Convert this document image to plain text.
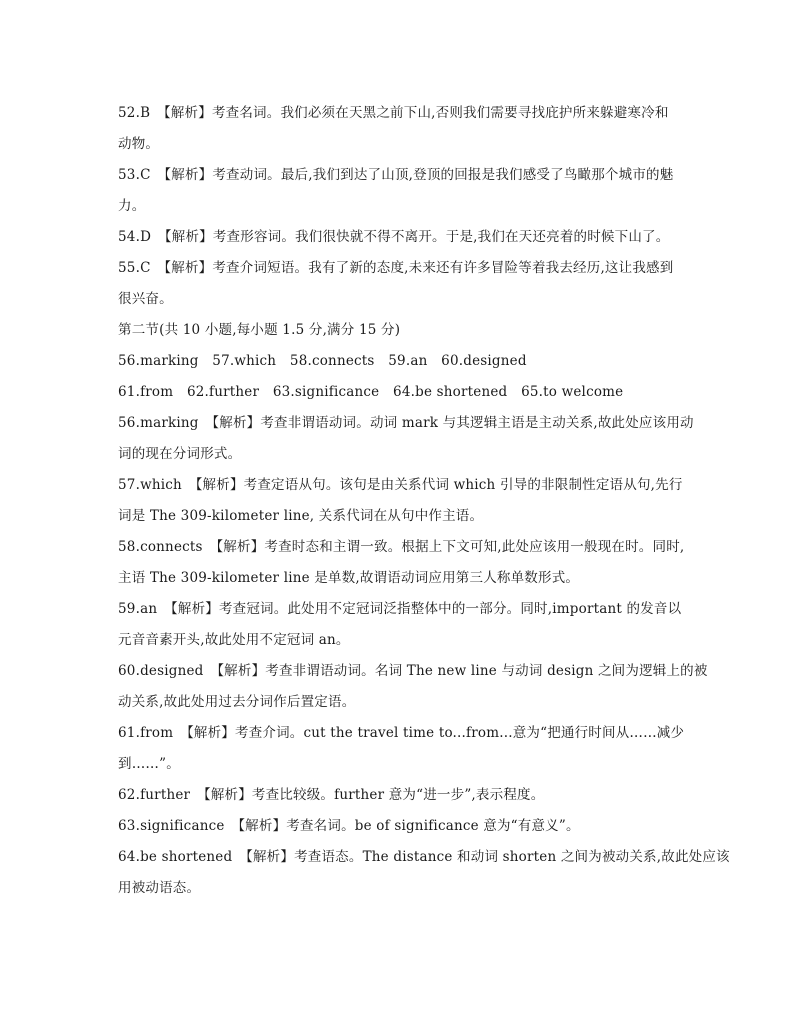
52.B　【解析】考查名词。我们必须在天黑之前下山,否则我们需要寻找庇护所来躲避寒冷和
动物。
53.C　【解析】考查动词。最后,我们到达了山顶,登顶的回报是我们感受了鸟瞰那个城市的魅
力。
54.D　【解析】考查形容词。我们很快就不得不离开。于是,我们在天还亮着的时候下山了。
55.C　【解析】考查介词短语。我有了新的态度,未来还有许多冒险等着我去经历,这让我感到
很兴奋。
第二节(共 10 小题,每小题 1.5 分,满分 15 分)
56.marking　57.which　58.connects　59.an　60.designed
61.from　62.further　63.significance　64.be shortened　65.to welcome
56.marking　【解析】考查非谓语动词。动词 mark 与其逻辑主语是主动关系,故此处应该用动
词的现在分词形式。
57.which　【解析】考查定语从句。该句是由关系代词 which 引导的非限制性定语从句,先行
词是 The 309-kilometer line, 关系代词在从句中作主语。
58.connects　【解析】考查时态和主谓一致。根据上下文可知,此处应该用一般现在时。同时,
主语 The 309-kilometer line 是单数,故谓语动词应用第三人称单数形式。
59.an　【解析】考查冠词。此处用不定冠词泛指整体中的一部分。同时,important 的发音以
元音音素开头,故此处用不定冠词 an。
60.designed　【解析】考查非谓语动词。名词 The new line 与动词 design 之间为逻辑上的被
动关系,故此处用过去分词作后置定语。
61.from　【解析】考查介词。cut the travel time to...from...意为“把通行时间从……减少
到……”。
62.further　【解析】考查比较级。further 意为“进一步”,表示程度。
63.significance　【解析】考查名词。be of significance 意为“有意义”。
64.be shortened　【解析】考查语态。The distance 和动词 shorten 之间为被动关系,故此处应该
用被动语态。
